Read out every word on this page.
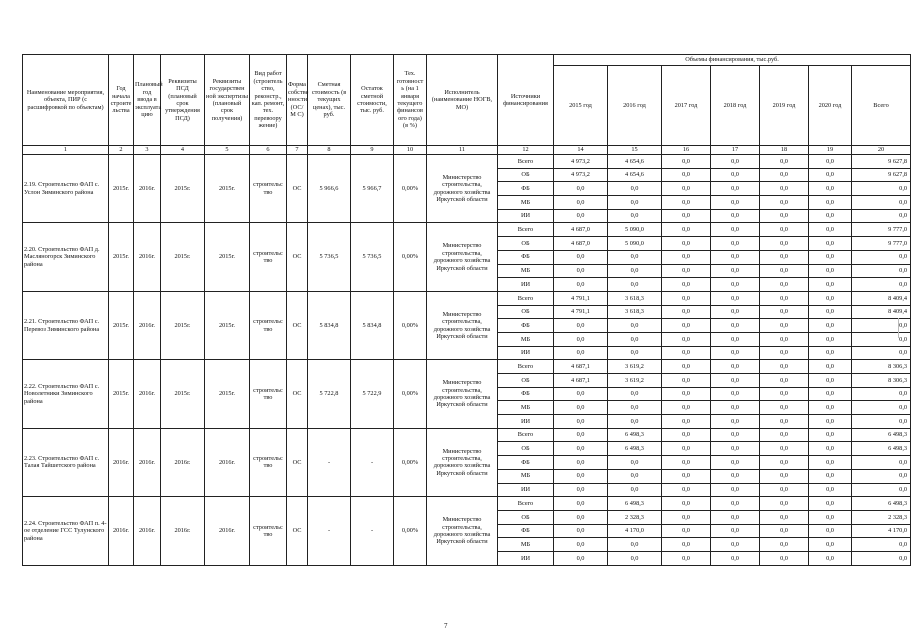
Наименование мероприятия, объекта, ПИР (с расшифровкой по объектам)	Год начала строите льства	Плановый год ввода в эксплуата цию	Реквизиты ПСД (плановый срок утверждения ПСД)	Реквизиты государствен ной экспертизы (плановый срок получения)	Вид работ (строитель ство, реконстр., кап. ремонт, тех. перевоору жение)	Форма собстве нности (ОС/М С)	Сметная стоимость (в текущих ценах), тыс. руб.	Остаток сметной стоимости, тыс. руб.	Тех. готовност ь (на 1 января текущего финансов ого года) (в %)	Исполнитель (наименование НОГВ, МО)	Источники финансирования	Объемы финансирования, тыс.руб.						
												2015 год	2016 год	2017 год	2018 год	2019 год	2020 год	Всего
1	2	3	4	5	6	7	8	9	10	11	12	14	15	16	17	18	19	20
2.19. Строительство ФАП с. Услон Зиминского района	2015г.	2016г.	2015г.	2015г.	строительс тво	ОС	5 966,6	5 966,7	0,00%	Министерство строительства, дорожного хозяйства Иркутской области	Всего	4 973,2	4 654,6	0,0	0,0	0,0	0,0	9 627,8
											ОБ	4 973,2	4 654,6	0,0	0,0	0,0	0,0	9 627,8
											ФБ	0,0	0,0	0,0	0,0	0,0	0,0	0,0
											МБ	0,0	0,0	0,0	0,0	0,0	0,0	0,0
											ИИ	0,0	0,0	0,0	0,0	0,0	0,0	0,0
2.20. Строительство ФАП д. Масляногорск Зиминского района	2015г.	2016г.	2015г.	2015г.	строительс тво	ОС	5 736,5	5 736,5	0,00%	Министерство строительства, дорожного хозяйства Иркутской области	Всего	4 687,0	5 090,0	0,0	0,0	0,0	0,0	9 777,0
											ОБ	4 687,0	5 090,0	0,0	0,0	0,0	0,0	9 777,0
											ФБ	0,0	0,0	0,0	0,0	0,0	0,0	0,0
											МБ	0,0	0,0	0,0	0,0	0,0	0,0	0,0
											ИИ	0,0	0,0	0,0	0,0	0,0	0,0	0,0
2.21. Строительство ФАП с. Перевоз Зиминского района	2015г.	2016г.	2015г.	2015г.	строительс тво	ОС	5 834,8	5 834,8	0,00%	Министерство строительства, дорожного хозяйства Иркутской области	Всего	4 791,1	3 618,3	0,0	0,0	0,0	0,0	8 409,4
											ОБ	4 791,1	3 618,3	0,0	0,0	0,0	0,0	8 409,4
											ФБ	0,0	0,0	0,0	0,0	0,0	0,0	0,0
											МБ	0,0	0,0	0,0	0,0	0,0	0,0	0,0
											ИИ	0,0	0,0	0,0	0,0	0,0	0,0	0,0
2.22. Строительство ФАП с. Новолетники Зиминского района	2015г.	2016г.	2015г.	2015г.	строительс тво	ОС	5 722,8	5 722,9	0,00%	Министерство строительства, дорожного хозяйства Иркутской области	Всего	4 687,1	3 619,2	0,0	0,0	0,0	0,0	8 306,3
											ОБ	4 687,1	3 619,2	0,0	0,0	0,0	0,0	8 306,3
											ФБ	0,0	0,0	0,0	0,0	0,0	0,0	0,0
											МБ	0,0	0,0	0,0	0,0	0,0	0,0	0,0
											ИИ	0,0	0,0	0,0	0,0	0,0	0,0	0,0
2.23. Строительство ФАП с. Талая Тайшетского района	2016г.	2016г.	2016г.	2016г.	строительс тво	ОС	-	-	0,00%	Министерство строительства, дорожного хозяйства Иркутской области	Всего	0,0	6 498,3	0,0	0,0	0,0	0,0	6 498,3
											ОБ	0,0	6 498,3	0,0	0,0	0,0	0,0	6 498,3
											ФБ	0,0	0,0	0,0	0,0	0,0	0,0	0,0
											МБ	0,0	0,0	0,0	0,0	0,0	0,0	0,0
											ИИ	0,0	0,0	0,0	0,0	0,0	0,0	0,0
2.24. Строительство ФАП п. 4-ое отделение ГСС Тулунского района	2016г.	2016г.	2016г.	2016г.	строительс тво	ОС	-	-	0,00%	Министерство строительства, дорожного хозяйства Иркутской области	Всего	0,0	6 498,3	0,0	0,0	0,0	0,0	6 498,3
											ОБ	0,0	2 328,3	0,0	0,0	0,0	0,0	2 328,3
											ФБ	0,0	4 170,0	0,0	0,0	0,0	0,0	4 170,0
											МБ	0,0	0,0	0,0	0,0	0,0	0,0	0,0
											ИИ	0,0	0,0	0,0	0,0	0,0	0,0	0,0
7
